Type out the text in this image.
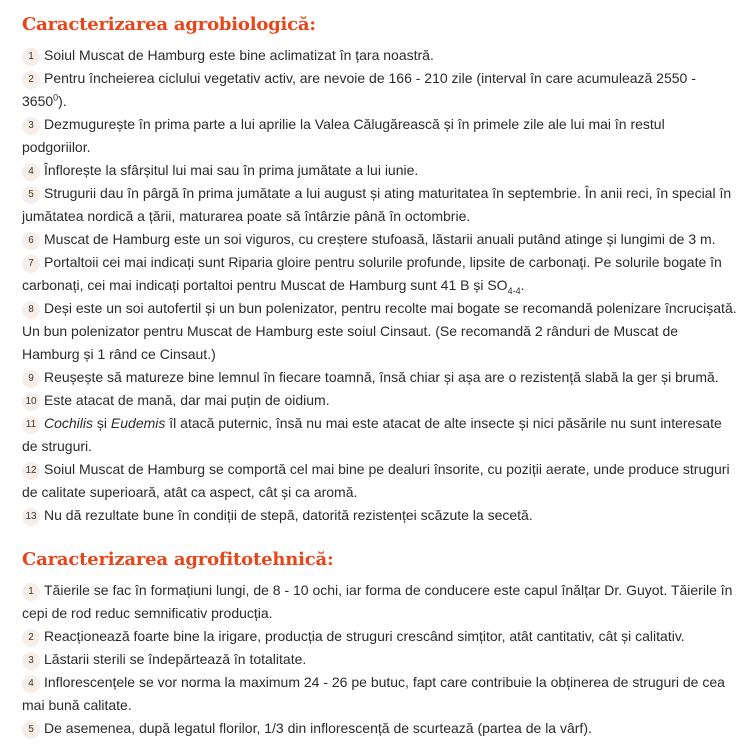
Caracterizarea agrobiologică:
1 Soiul Muscat de Hamburg este bine aclimatizat în țara noastră.
2 Pentru încheierea ciclului vegetativ activ, are nevoie de 166 - 210 zile (interval în care acumulează 2550 - 3650$^0$).
3 Dezmugurește în prima parte a lui aprilie la Valea Călugărească și în primele zile ale lui mai în restul podgoriilor.
4 Înflorește la sfârșitul lui mai sau în prima jumătate a lui iunie.
5 Strugurii dau în pârgă în prima jumătate a lui august și ating maturitatea în septembrie. În anii reci, în special în jumătatea nordică a țării, maturarea poate să întârzie până în octombrie.
6 Muscat de Hamburg este un soi viguros, cu creștere stufoasă, lăstarii anuali putând atinge și lungimi de 3 m.
7 Portaltoii cei mai indicați sunt Riparia gloire pentru solurile profunde, lipsite de carbonați. Pe solurile bogate în carbonați, cei mai indicați portaltoi pentru Muscat de Hamburg sunt 41 B și $SO_{4-4}$.
8 Deși este un soi autofertil și un bun polenizator, pentru recolte mai bogate se recomandă polenizare încrucișată. Un bun polenizator pentru Muscat de Hamburg este soiul Cinsaut. (Se recomandă 2 rânduri de Muscat de Hamburg și 1 rând ce Cinsaut.)
9 Reușește să matureze bine lemnul în fiecare toamnă, însă chiar și așa are o rezistență slabă la ger și brumă.
10 Este atacat de mană, dar mai puțin de oidium.
11 Cochilis și Eudemis îl atacă puternic, însă nu mai este atacat de alte insecte și nici păsările nu sunt interesate de struguri.
12 Soiul Muscat de Hamburg se comportă cel mai bine pe dealuri însorite, cu poziții aerate, unde produce struguri de calitate superioară, atât ca aspect, cât și ca aromă.
13 Nu dă rezultate bune în condiții de stepă, datorită rezistenței scăzute la secetă.
Caracterizarea agrofitotehnică:
1 Tăierile se fac în formațiuni lungi, de 8 - 10 ochi, iar forma de conducere este capul înălțar Dr. Guyot. Tăierile în cepi de rod reduc semnificativ producția.
2 Reacționează foarte bine la irigare, producția de struguri crescând simțitor, atât cantitativ, cât și calitativ.
3 Lăstarii sterili se îndepărtează în totalitate.
4 Inflorescențele se vor norma la maximum 24 - 26 pe butuc, fapt care contribuie la obținerea de struguri de cea mai bună calitate.
5 De asemenea, după legatul florilor, 1/3 din inflorescență de scurtează (partea de la vârf).
